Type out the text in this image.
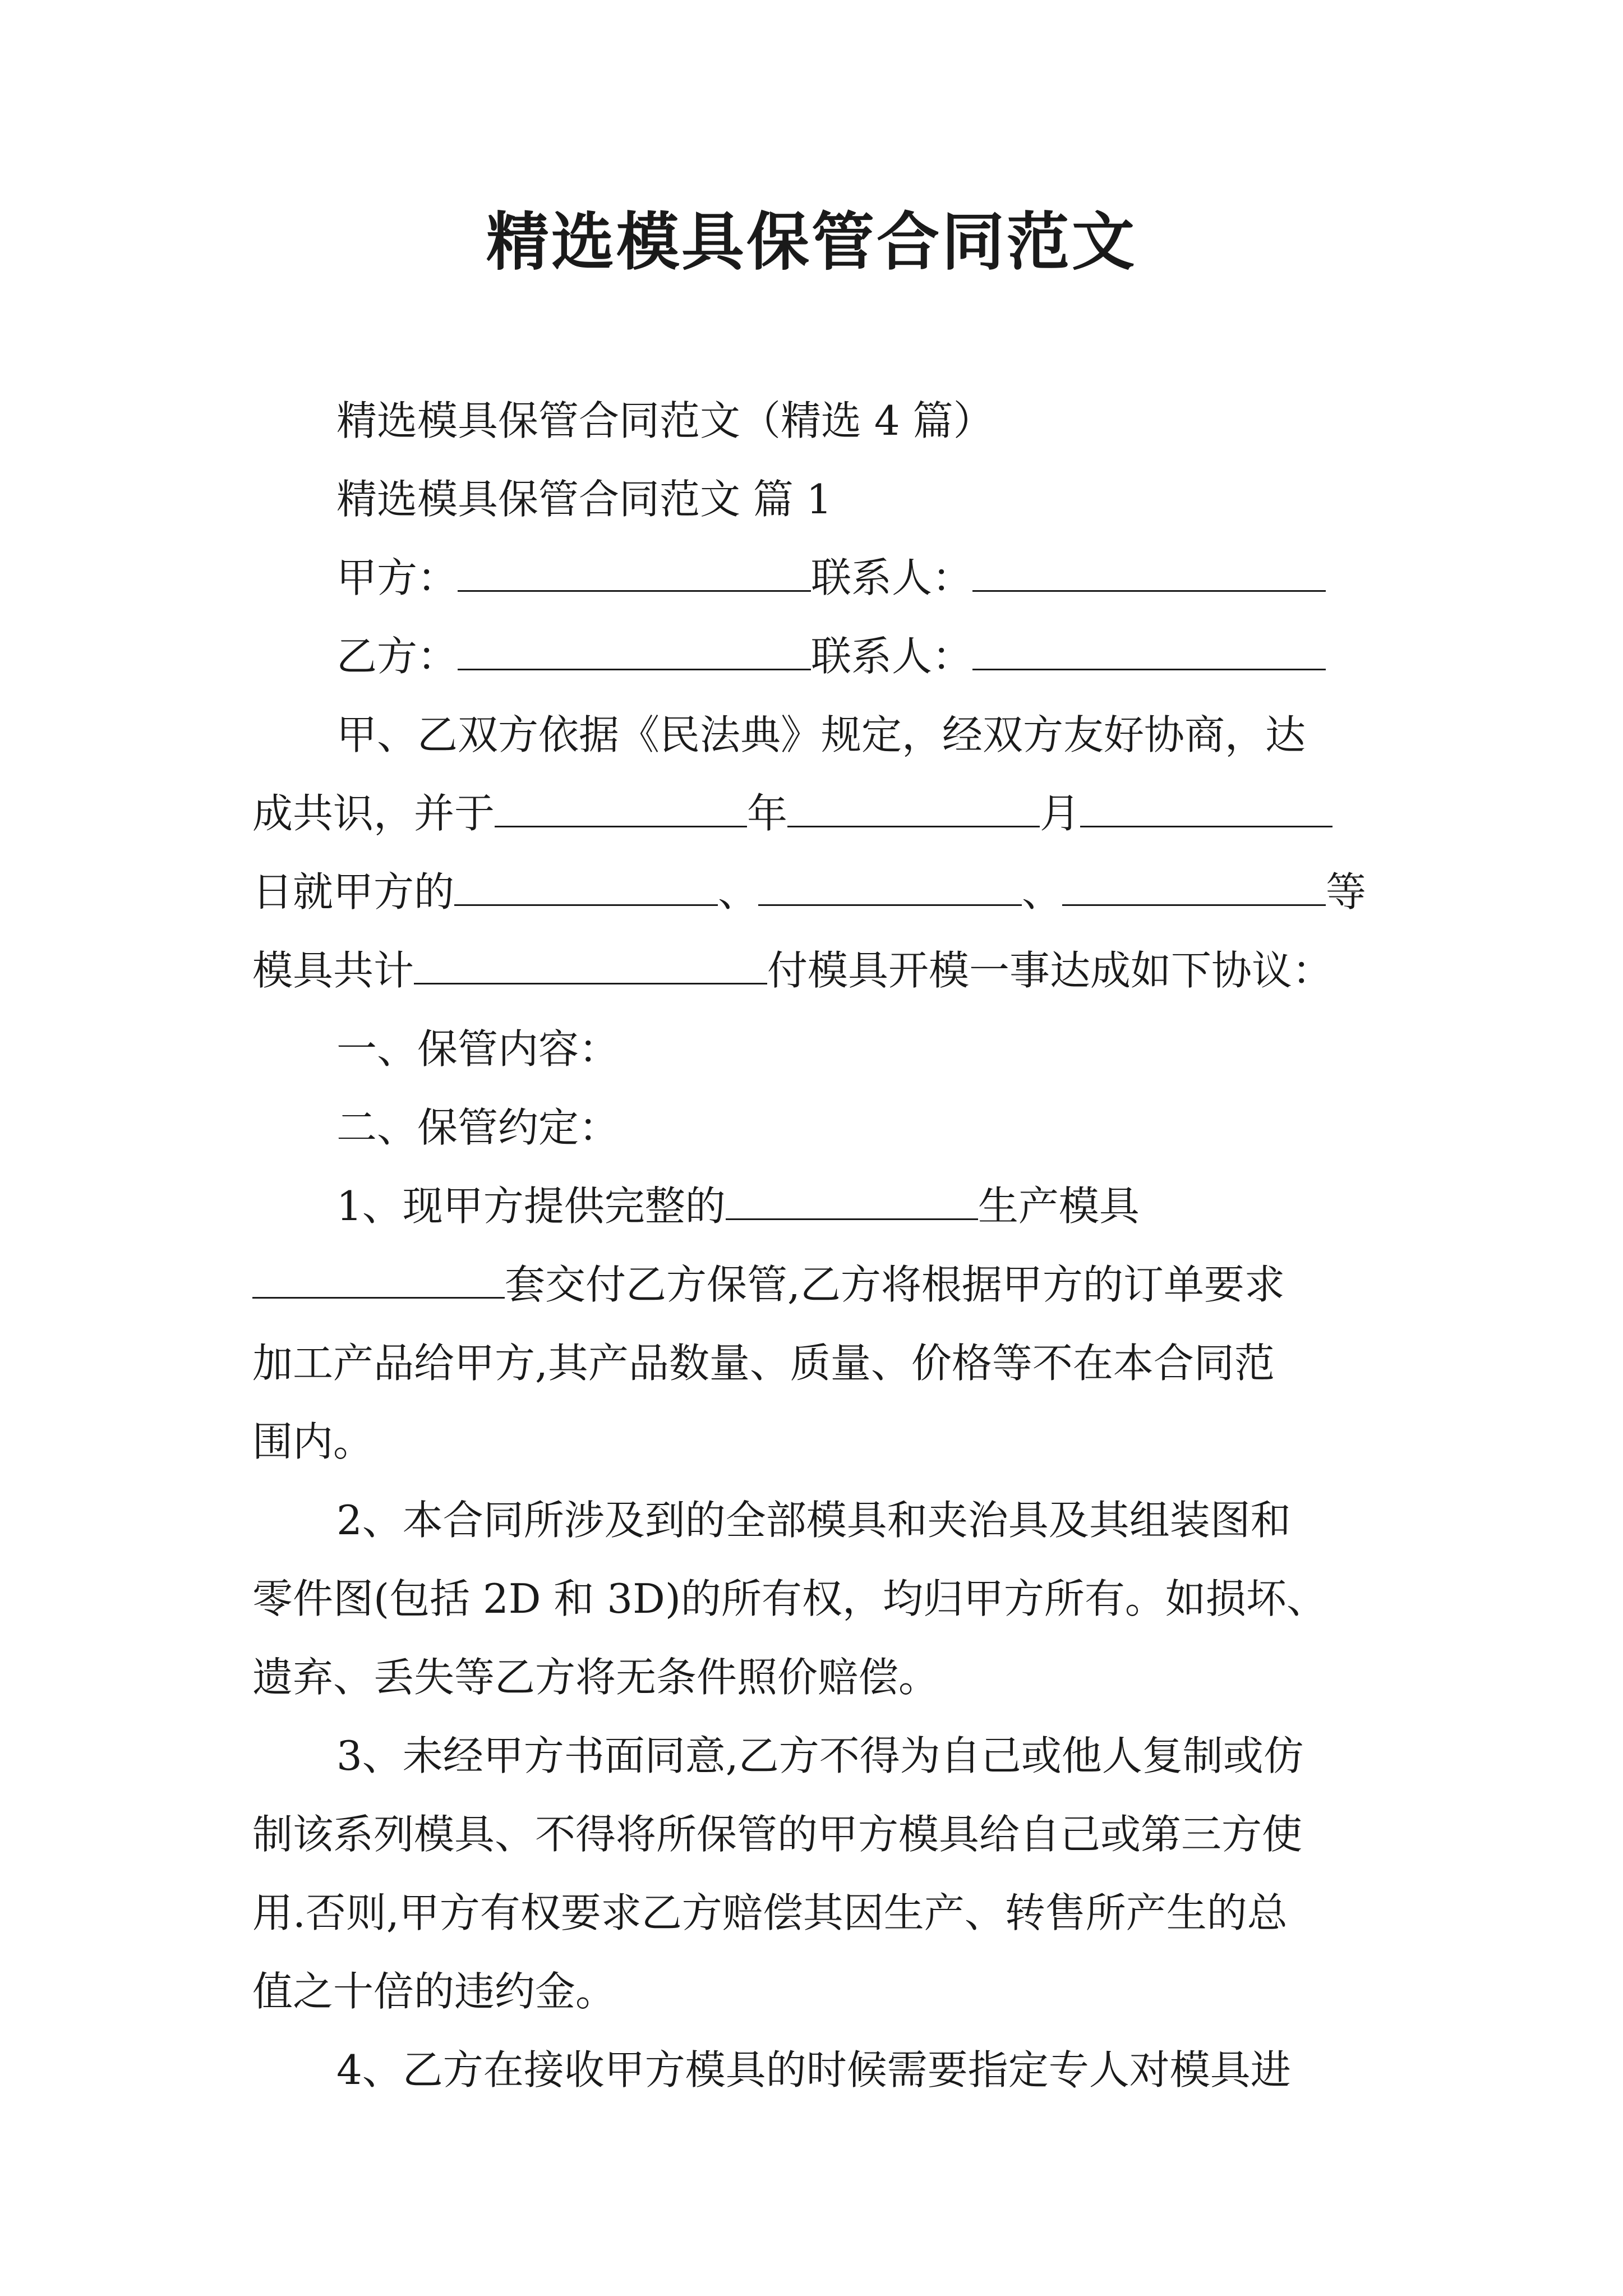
精选模具保管合同范文
精选模具保管合同范文（精选 4 篇）
精选模具保管合同范文 篇 1
甲方：	联系人：
乙方：	联系人：
甲、乙双方依据《民法典》规定，经双方友好协商，达
成共识，并于	年	月
日就甲方的	、	、	等
模具共计	付模具开模一事达成如下协议：
一、保管内容：
二、保管约定：
1、现甲方提供完整的	生产模具
套交付乙方保管,乙方将根据甲方的订单要求
加工产品给甲方,其产品数量、质量、价格等不在本合同范
围内。
2、本合同所涉及到的全部模具和夹治具及其组装图和
零件图(包括 2D 和 3D)的所有权，均归甲方所有。如损坏、
遗弃、丢失等乙方将无条件照价赔偿。
3、未经甲方书面同意,乙方不得为自己或他人复制或仿
制该系列模具、不得将所保管的甲方模具给自己或第三方使
用.否则,甲方有权要求乙方赔偿其因生产、转售所产生的总
值之十倍的违约金。
4、乙方在接收甲方模具的时候需要指定专人对模具进
